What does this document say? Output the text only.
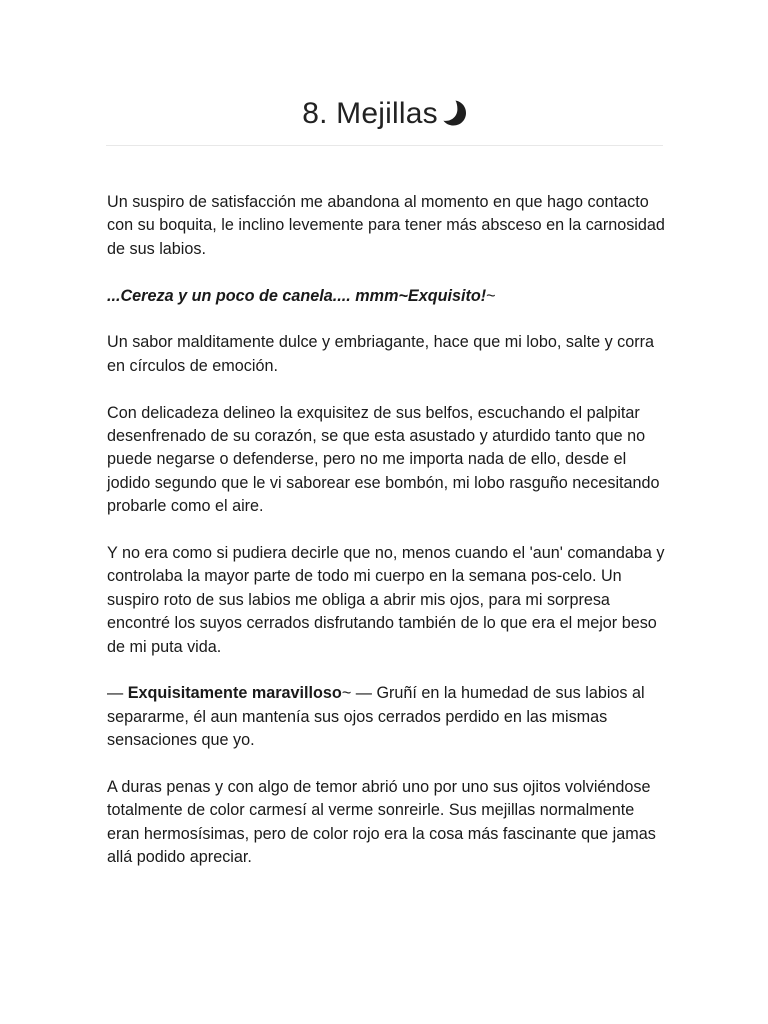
8. Mejillas

Un suspiro de satisfacción me abandona al momento en que hago contacto con su boquita, le inclino levemente para tener más absceso en la carnosidad de sus labios.

...Cereza y un poco de canela.... mmm~Exquisito!~

Un sabor malditamente dulce y embriagante, hace que mi lobo, salte y corra en círculos de emoción.

Con delicadeza delineo la exquisitez de sus belfos, escuchando el palpitar desenfrenado de su corazón, se que esta asustado y aturdido tanto que no puede negarse o defenderse, pero no me importa nada de ello, desde el jodido segundo que le vi saborear ese bombón, mi lobo rasguño necesitando probarle como el aire.

Y no era como si pudiera decirle que no, menos cuando el 'aun' comandaba y controlaba la mayor parte de todo mi cuerpo en la semana pos-celo. Un suspiro roto de sus labios me obliga a abrir mis ojos, para mi sorpresa encontré los suyos cerrados disfrutando también de lo que era el mejor beso de mi puta vida.

— Exquisitamente maravilloso~ — Gruñí en la humedad de sus labios al separarme, él aun mantenía sus ojos cerrados perdido en las mismas sensaciones que yo.

A duras penas y con algo de temor abrió uno por uno sus ojitos volviéndose totalmente de color carmesí al verme sonreirle. Sus mejillas normalmente eran hermosísimas, pero de color rojo era la cosa más fascinante que jamas allá podido apreciar.
